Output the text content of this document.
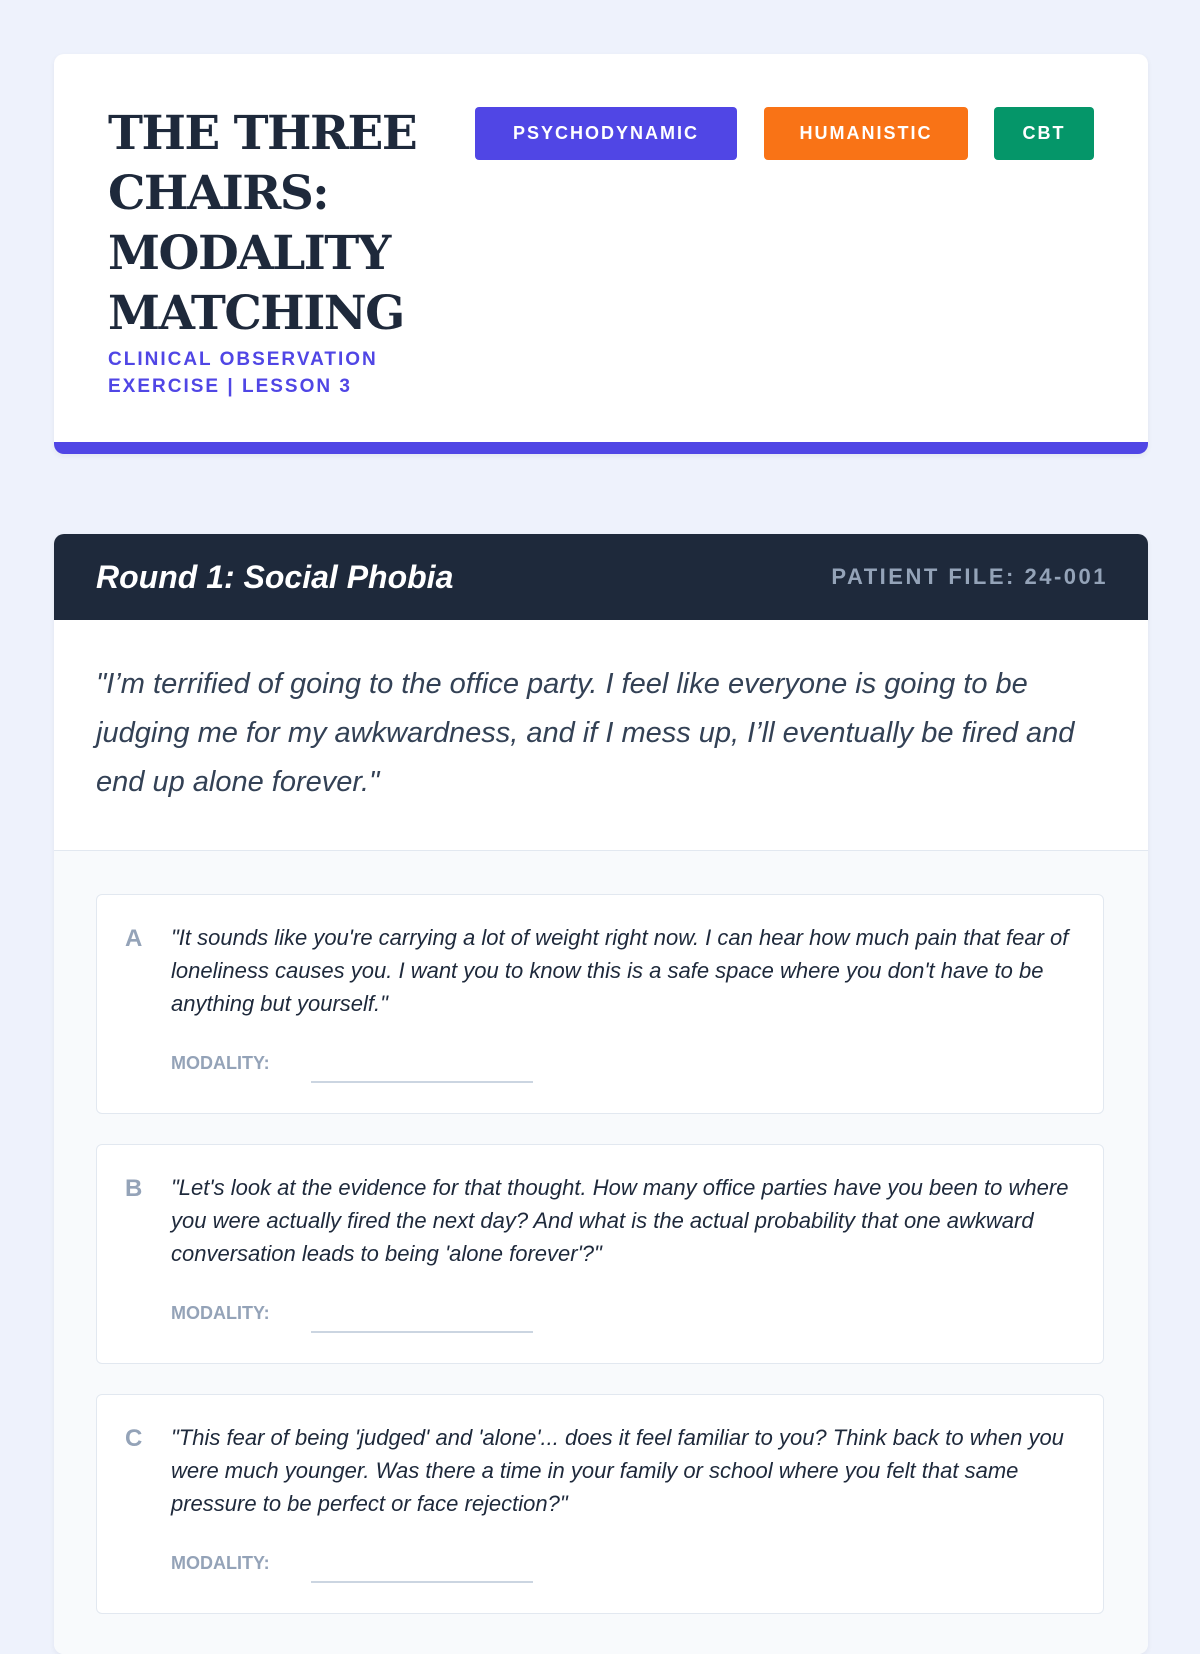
THE THREE CHAIRS: MODALITY MATCHING
CLINICAL OBSERVATION EXERCISE | LESSON 3
PSYCHODYNAMIC	HUMANISTIC	CBT
Round 1: Social Phobia	PATIENT FILE: 24-001

"I’m terrified of going to the office party. I feel like everyone is going to be judging me for my awkwardness, and if I mess up, I’ll eventually be fired and end up alone forever."

A "It sounds like you're carrying a lot of weight right now. I can hear how much pain that fear of loneliness causes you. I want you to know this is a safe space where you don't have to be anything but yourself."

MODALITY:
B "Let's look at the evidence for that thought. How many office parties have you been to where you were actually fired the next day? And what is the actual probability that one awkward conversation leads to being 'alone forever'?"

MODALITY:
C "This fear of being 'judged' and 'alone'... does it feel familiar to you? Think back to when you were much younger. Was there a time in your family or school where you felt that same pressure to be perfect or face rejection?"

MODALITY:
